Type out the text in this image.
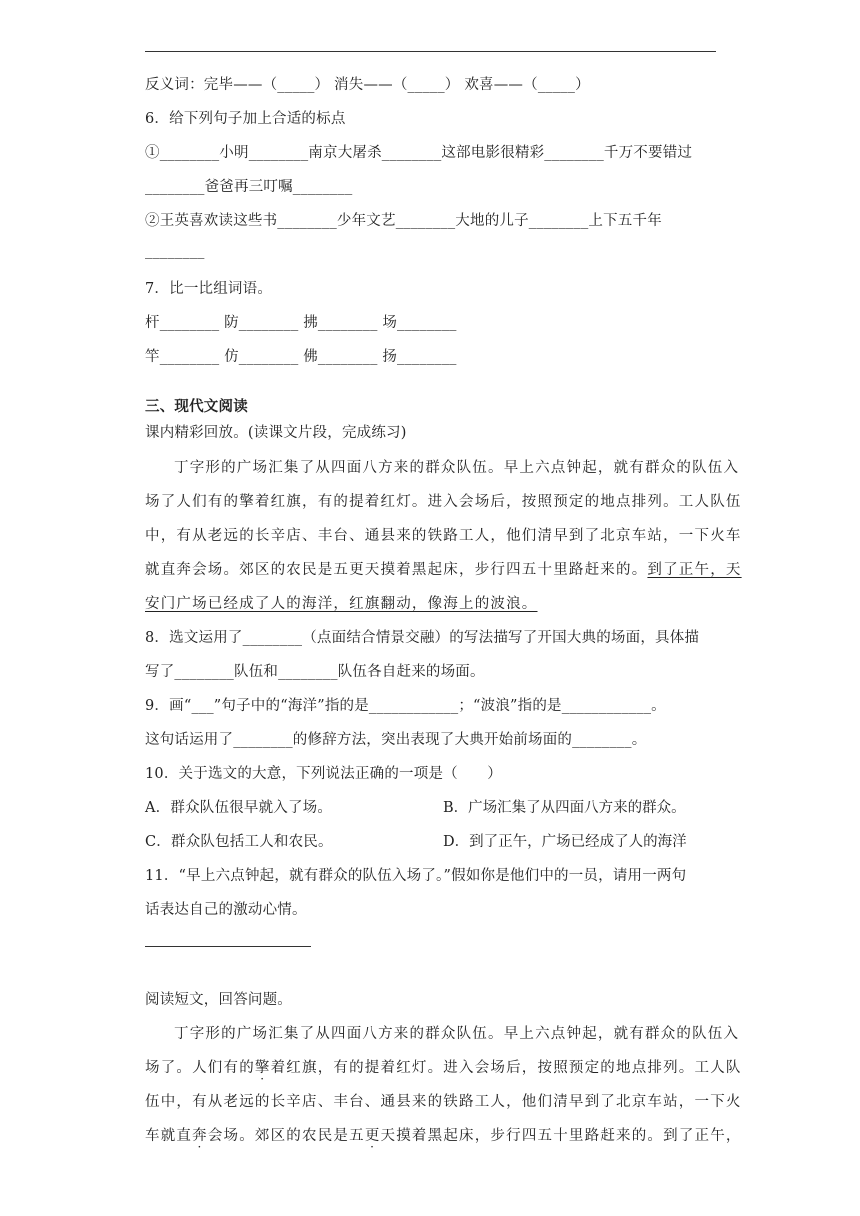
反义词：完毕——（_____） 消失——（_____） 欢喜——（_____）
6．给下列句子加上合适的标点
①________小明________南京大屠杀________这部电影很精彩________千万不要错过
________爸爸再三叮嘱________
②王英喜欢读这些书________少年文艺________大地的儿子________上下五千年
________
7．比一比组词语。
杆________ 防________ 拂________ 场________
竿________ 仿________ 佛________ 扬________
三、现代文阅读
课内精彩回放。(读课文片段，完成练习)
丁字形的广场汇集了从四面八方来的群众队伍。早上六点钟起，就有群众的队伍入
场了人们有的擎着红旗，有的提着红灯。进入会场后，按照预定的地点排列。工人队伍
中，有从老远的长辛店、丰台、通县来的铁路工人，他们清早到了北京车站，一下火车
就直奔会场。郊区的农民是五更天摸着黑起床，步行四五十里路赶来的。到了正午，天
安门广场已经成了人的海洋，红旗翻动，像海上的波浪。
8．选文运用了________（点面结合情景交融）的写法描写了开国大典的场面，具体描
写了________队伍和________队伍各自赶来的场面。
9．画“___”句子中的“海洋”指的是____________；“波浪”指的是____________。
这句话运用了________的修辞方法，突出表现了大典开始前场面的________。
10．关于选文的大意，下列说法正确的一项是（　　）
A．群众队伍很早就入了场。	B．广场汇集了从四面八方来的群众。
C．群众队包括工人和农民。	D．到了正午，广场已经成了人的海洋
11．“早上六点钟起，就有群众的队伍入场了。”假如你是他们中的一员，请用一两句
话表达自己的激动心情。
阅读短文，回答问题。
丁字形的广场汇集了从四面八方来的群众队伍。早上六点钟起，就有群众的队伍入
场了。人们有的擎着红旗，有的提着红灯。进入会场后，按照预定的地点排列。工人队
伍中，有从老远的长辛店、丰台、通县来的铁路工人，他们清早到了北京车站，一下火
车就直奔会场。郊区的农民是五更天摸着黑起床，步行四五十里路赶来的。到了正午，
